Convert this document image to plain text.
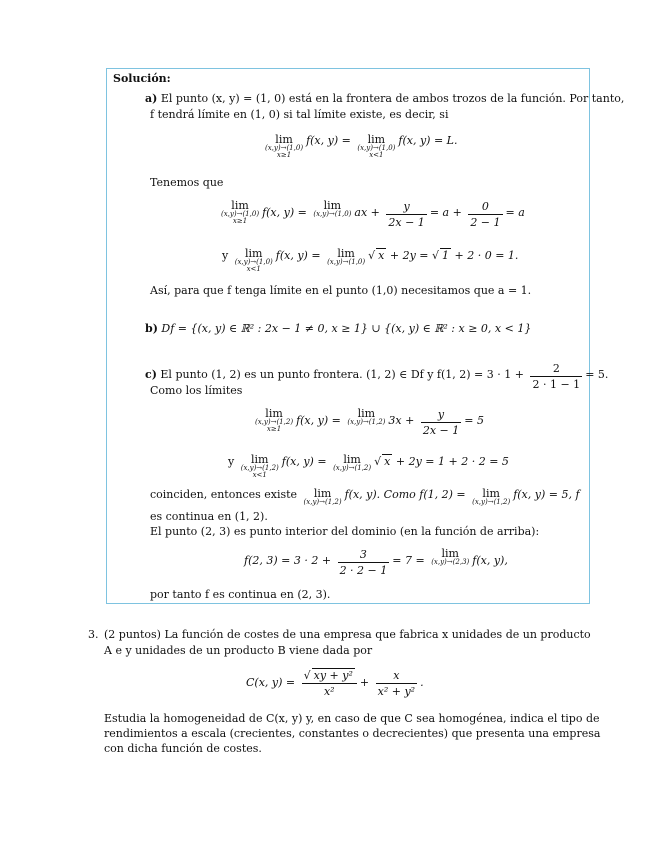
Solución:
a) El punto (x, y) = (1, 0) está en la frontera de ambos trozos de la función. Por tanto,
f tendrá límite en (1, 0) si tal límite existe, es decir, si
lim
(x,y)→(1,0)
x≥1
f(x, y) =	lim
(x,y)→(1,0)
x<1
f(x, y) = L.
Tenemos que
lim
(x,y)→(1,0)
x≥1
f(x, y) =
lim
(x,y)→(1,0) ax + $\frac{y}{2x - 1} = a + \frac{0}{2 - 1} = a$
y	lim
(x,y)→(1,0)
x<1
f(x, y) =	lim
(x,y)→(1,0) √ x + 2y = √ 1 + 2 · 0 = 1.
Así, para que f tenga límite en el punto (1,0) necesitamos que a = 1.
b) Df = {(x, y) ∈ ℝ² : 2x − 1 ≠ 0, x ≥ 1} ∪ {(x, y) ∈ ℝ² : x ≥ 0, x < 1}
c) El punto (1, 2) es un punto frontera. (1, 2) ∈ Df y f(1, $2) = 3 \cdot 1 + \frac{2}{2 \cdot 1 - 1} = 5$.
Como los límites
lim
(x,y)→(1,2)
x≥1
f(x, y) =
lim
(x,y)→(1,2) $3x + \frac{y}{2x - 1} = 5$
y	lim
(x,y)→(1,2)
x<1
f(x, y) =	lim
(x,y)→(1,2) √ x + 2y = 1 + 2 · 2 = 5
coinciden, entonces existe	lim
(x,y)→(1,2)
f(x, y). Como f(1, 2) =	lim
(x,y)→(1,2)
f(x, y) = 5, f
es continua en (1, 2).
El punto (2, 3) es punto interior del dominio (en la función de arriba):
f(2, $3) = 3 \cdot 2 + \frac{3}{2 \cdot 2 - 1} = 7$ =
lim
(x,y)→(2,3) f(x, y),
por tanto f es continua en (2, 3).
3. (2 puntos) La función de costes de una empresa que fabrica x unidades de un producto
A e y unidades de un producto B viene dada por
C(x, $y) = \frac{\text{√ xy + y²}}{\text{x²}} + \frac{x}{\text{x² + y²}}$ .
Estudia la homogeneidad de C(x, y) y, en caso de que C sea homogénea, indica el tipo de
rendimientos a escala (crecientes, constantes o decrecientes) que presenta una empresa
con dicha función de costes.
